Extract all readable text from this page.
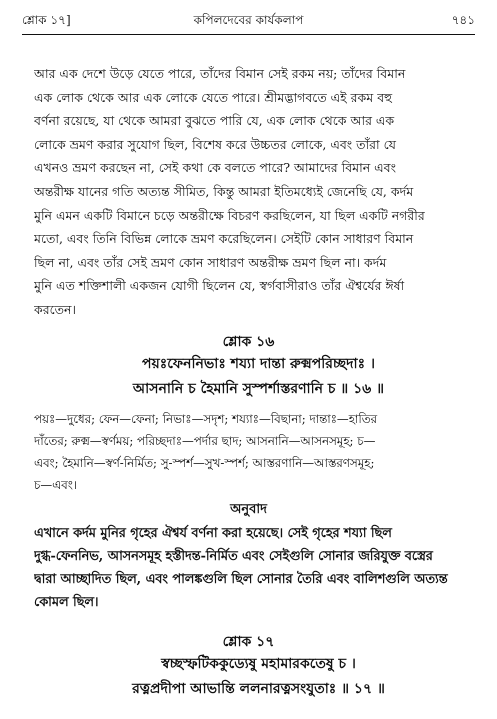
শ্লোক ১৭]	কপিলদেবের কার্যকলাপ	৭৪১
আর এক দেশে উড়ে যেতে পারে, তাঁদের বিমান সেই রকম নয়; তাঁদের বিমান
এক লোক থেকে আর এক লোকে যেতে পারে। শ্রীমদ্ভাগবতে এই রকম বহু
বর্ণনা রয়েছে, যা থেকে আমরা বুঝতে পারি যে, এক লোক থেকে আর এক
লোকে ভ্রমণ করার সুযোগ ছিল, বিশেষ করে উচ্চতর লোকে, এবং তাঁরা যে
এখনও ভ্রমণ করছেন না, সেই কথা কে বলতে পারে? আমাদের বিমান এবং
অন্তরীক্ষ যানের গতি অত্যন্ত সীমিত, কিন্তু আমরা ইতিমধ্যেই জেনেছি যে, কর্দম
মুনি এমন একটি বিমানে চড়ে অন্তরীক্ষে বিচরণ করছিলেন, যা ছিল একটি নগরীর
মতো, এবং তিনি বিভিন্ন লোকে ভ্রমণ করেছিলেন। সেইটি কোন সাধারণ বিমান
ছিল না, এবং তাঁর সেই ভ্রমণ কোন সাধারণ অন্তরীক্ষ ভ্রমণ ছিল না। কর্দম
মুনি এত শক্তিশালী একজন যোগী ছিলেন যে, স্বর্গবাসীরাও তাঁর ঐশ্বর্যের ঈর্ষা
করতেন।
শ্লোক ১৬
পয়ঃফেননিভাঃ শয্যা দান্তা রুক্মপরিচ্ছদাঃ ।
আসনানি চ হৈমানি সুস্পর্শাস্তরণানি চ ॥ ১৬ ॥
পয়ঃ—দুধের; ফেন—ফেনা; নিভাঃ—সদৃশ; শয্যাঃ—বিছানা; দান্তাঃ—হাতির
দাঁতের; রুক্ম—স্বর্ণময়; পরিচ্ছদাঃ—পর্দার ছাদ; আসনানি—আসনসমূহ; চ—
এবং; হৈমানি—স্বর্ণ-নির্মিত; সু-স্পর্শ—সুখ-স্পর্শ; আস্তরণানি—আস্তরণসমূহ;
চ—এবং।
অনুবাদ
এখানে কর্দম মুনির গৃহের ঐশ্বর্য বর্ণনা করা হয়েছে। সেই গৃহের শয্যা ছিল
দুগ্ধ-ফেননিভ, আসনসমূহ হস্তীদন্ত-নির্মিত এবং সেইগুলি সোনার জরিযুক্ত বস্ত্রের
দ্বারা আচ্ছাদিত ছিল, এবং পালঙ্কগুলি ছিল সোনার তৈরি এবং বালিশগুলি অত্যন্ত
কোমল ছিল।
শ্লোক ১৭
স্বচ্ছস্ফটিককুড্যেষু মহামারকতেষু চ ।
রত্নপ্রদীপা আভান্তি ললনারত্নসংযুতাঃ ॥ ১৭ ॥
